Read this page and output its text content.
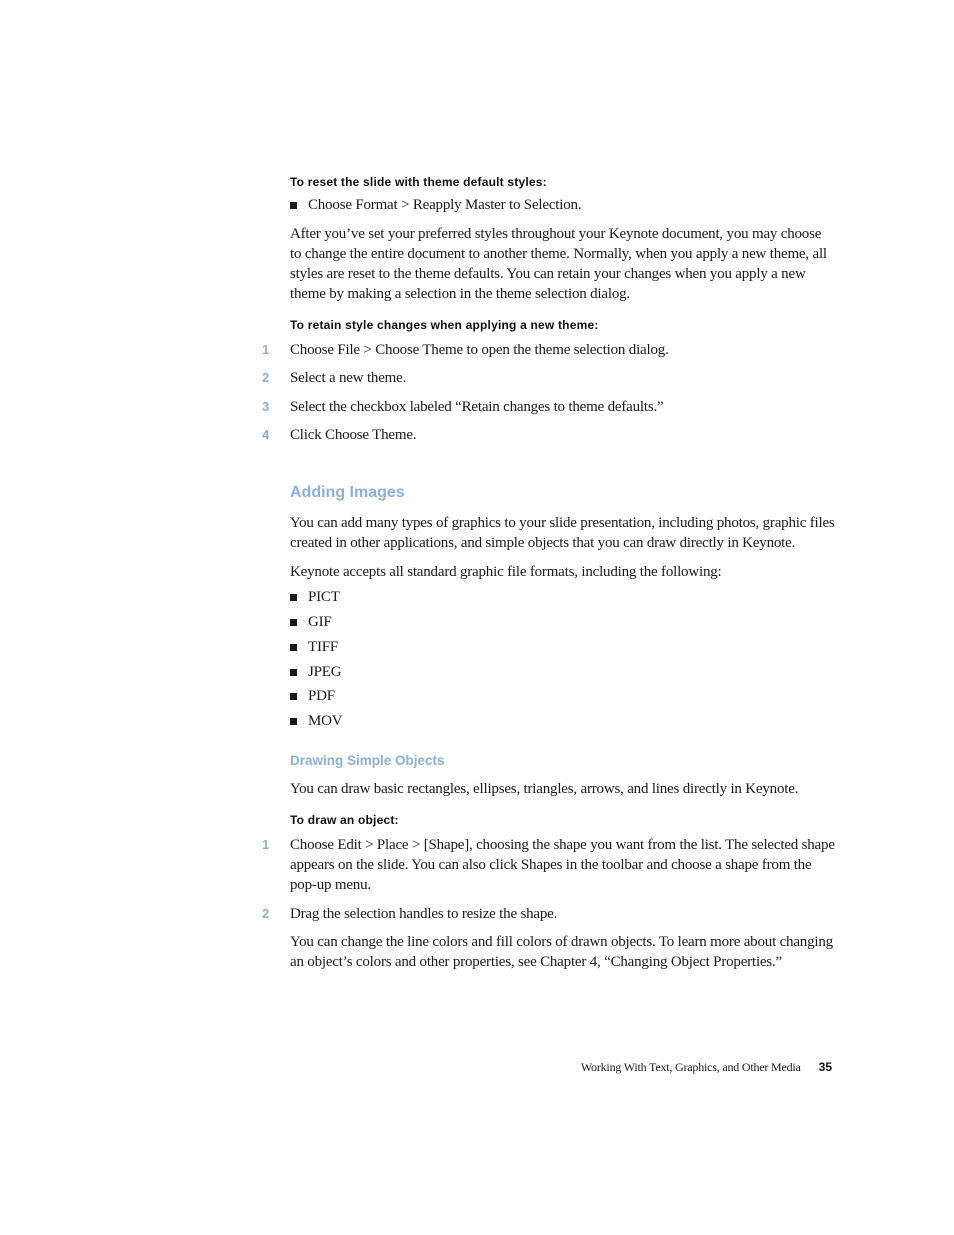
To reset the slide with theme default styles:
Choose Format > Reapply Master to Selection.
After you’ve set your preferred styles throughout your Keynote document, you may choose to change the entire document to another theme. Normally, when you apply a new theme, all styles are reset to the theme defaults. You can retain your changes when you apply a new theme by making a selection in the theme selection dialog.
To retain style changes when applying a new theme:
1	Choose File > Choose Theme to open the theme selection dialog.
2	Select a new theme.
3	Select the checkbox labeled “Retain changes to theme defaults.”
4	Click Choose Theme.
Adding Images
You can add many types of graphics to your slide presentation, including photos, graphic files created in other applications, and simple objects that you can draw directly in Keynote.
Keynote accepts all standard graphic file formats, including the following:
PICT
GIF
TIFF
JPEG
PDF
MOV
Drawing Simple Objects
You can draw basic rectangles, ellipses, triangles, arrows, and lines directly in Keynote.
To draw an object:
1	Choose Edit > Place > [Shape], choosing the shape you want from the list. The selected shape appears on the slide. You can also click Shapes in the toolbar and choose a shape from the pop-up menu.
2	Drag the selection handles to resize the shape.
You can change the line colors and fill colors of drawn objects. To learn more about changing an object’s colors and other properties, see Chapter 4, “Changing Object Properties.”
Working With Text, Graphics, and Other Media 35
